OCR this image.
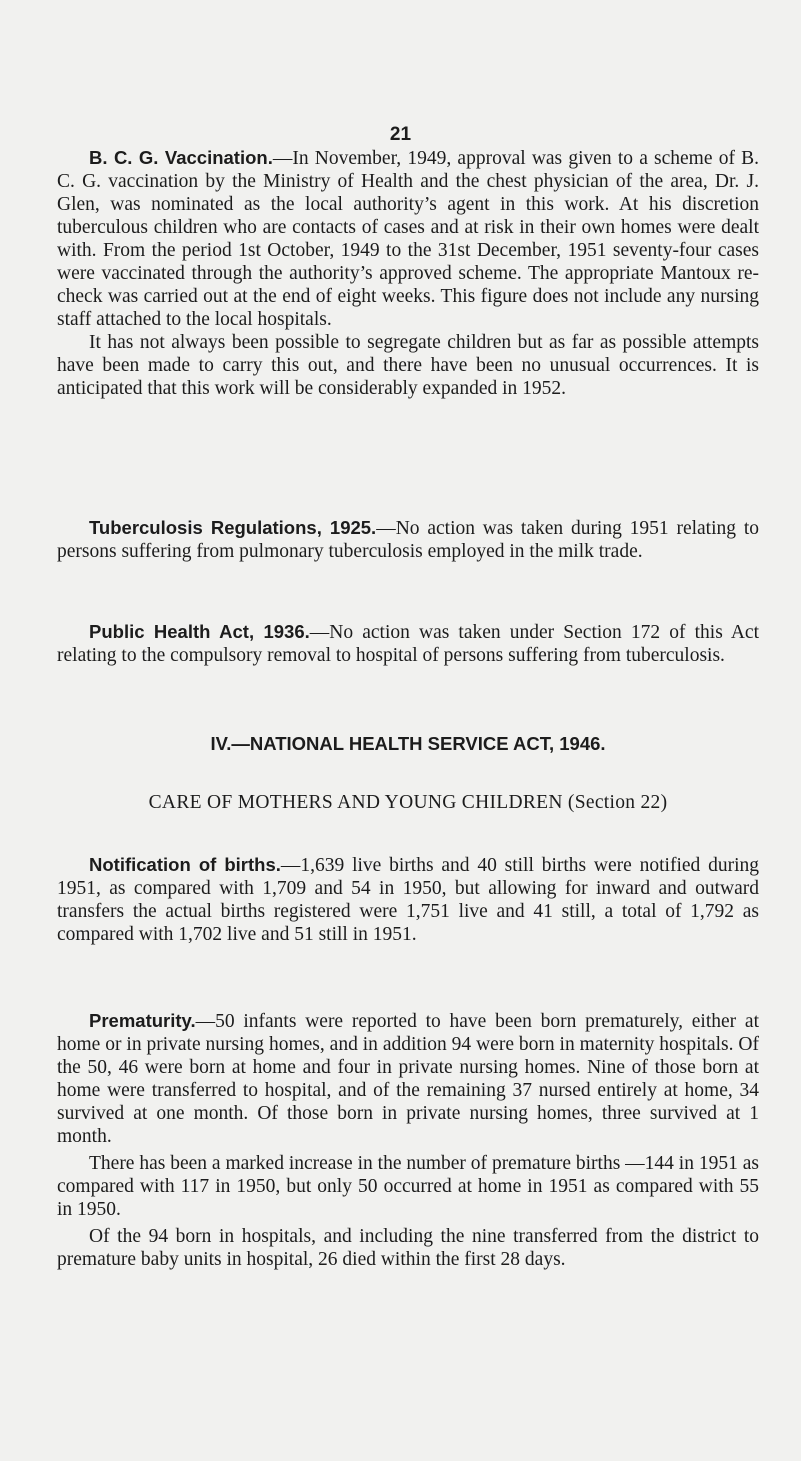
21

B. C. G. Vaccination.—In November, 1949, approval was given to a scheme of B. C. G. vaccination by the Ministry of Health and the chest physician of the area, Dr. J. Glen, was nominated as the local authority’s agent in this work. At his discretion tuberculous children who are contacts of cases and at risk in their own homes were dealt with. From the period 1st October, 1949 to the 31st December, 1951 seventy-four cases were vaccinated through the authority’s approved scheme. The appropriate Mantoux re-check was carried out at the end of eight weeks. This figure does not include any nursing staff attached to the local hospitals.

It has not always been possible to segregate children but as far as possible attempts have been made to carry this out, and there have been no unusual occurrences. It is anticipated that this work will be considerably expanded in 1952.

Tuberculosis Regulations, 1925.—No action was taken during 1951 relating to persons suffering from pulmonary tuberculosis employed in the milk trade.

Public Health Act, 1936.—No action was taken under Section 172 of this Act relating to the compulsory removal to hospital of persons suffering from tuberculosis.

IV.—NATIONAL HEALTH SERVICE ACT, 1946.
CARE OF MOTHERS AND YOUNG CHILDREN (Section 22)

Notification of births.—1,639 live births and 40 still births were notified during 1951, as compared with 1,709 and 54 in 1950, but allowing for inward and outward transfers the actual births registered were 1,751 live and 41 still, a total of 1,792 as compared with 1,702 live and 51 still in 1951.

Prematurity.—50 infants were reported to have been born prematurely, either at home or in private nursing homes, and in addition 94 were born in maternity hospitals. Of the 50, 46 were born at home and four in private nursing homes. Nine of those born at home were transferred to hospital, and of the remaining 37 nursed entirely at home, 34 survived at one month. Of those born in private nursing homes, three survived at 1 month.

There has been a marked increase in the number of premature births —144 in 1951 as compared with 117 in 1950, but only 50 occurred at home in 1951 as compared with 55 in 1950.

Of the 94 born in hospitals, and including the nine transferred from the district to premature baby units in hospital, 26 died within the first 28 days.
